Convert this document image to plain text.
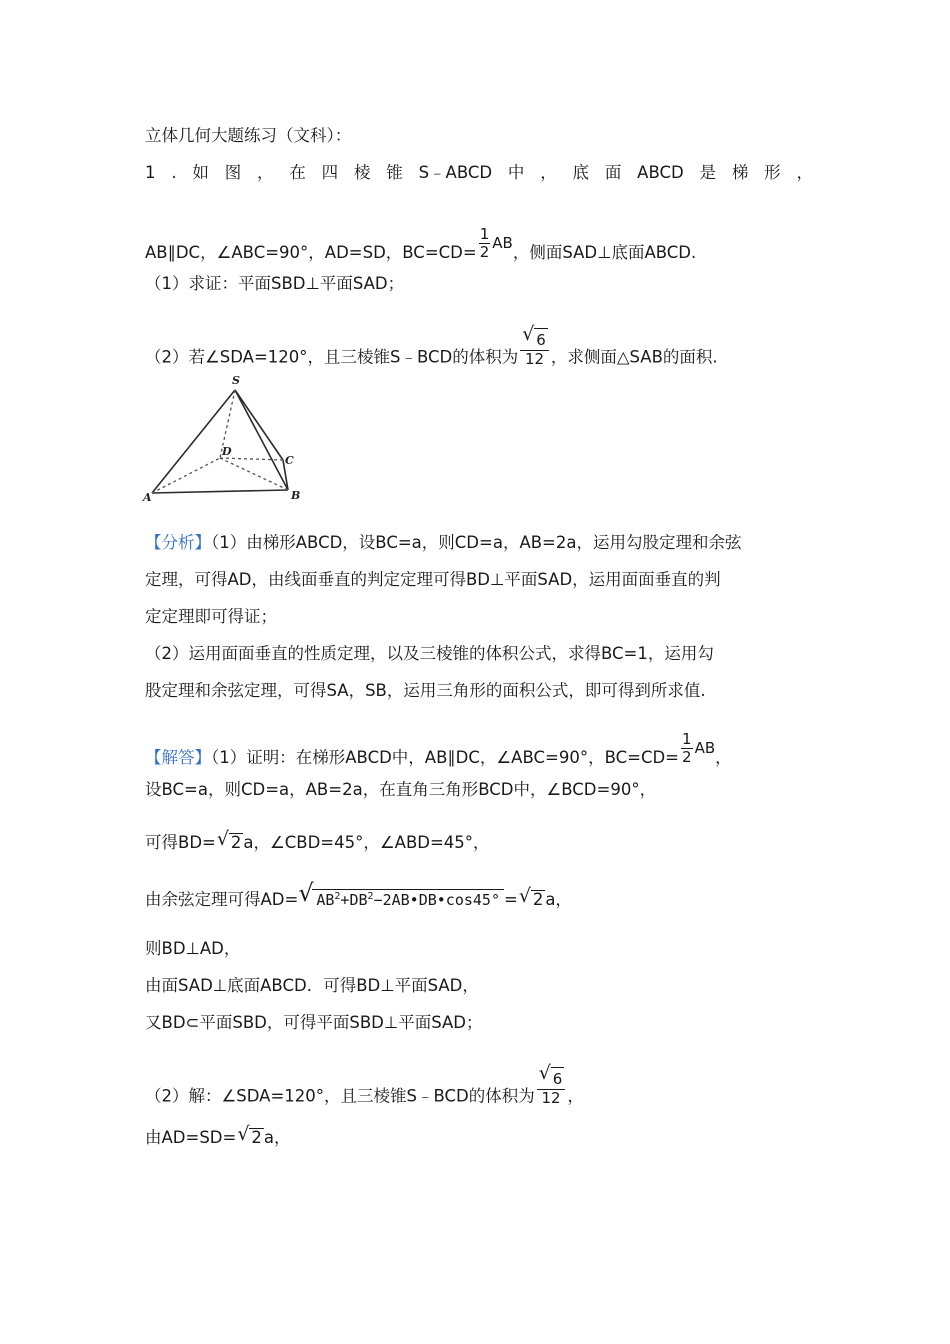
立体几何大题练习（文科）：
1 . 如 图 ， 在 四 棱 锥 S﹣ABCD 中 ， 底 面 ABCD 是 梯 形 ，
AB∥DC，∠ABC=90°，AD=SD，$BC=CD= \frac{1}{2}$ AB，侧面SAD⊥底面ABCD.
（1）求证：平面SBD⊥平面SAD；
（2）若∠SDA=120°，且三棱锥S﹣BCD的体积为 $\frac{√ 6}{12}$ ，求侧面△SAB的面积.
S
A	B
C
D
【分析】（1）由梯形ABCD，设BC=a，则CD=a，AB=2a，运用勾股定理和余弦
定理，可得AD，由线面垂直的判定定理可得BD⊥平面SAD，运用面面垂直的判
定定理即可得证；
（2）运用面面垂直的性质定理，以及三棱锥的体积公式，求得BC=1，运用勾
股定理和余弦定理，可得SA，SB，运用三角形的面积公式，即可得到所求值.
【解答】（1）证明：在梯形ABCD中，AB∥DC，∠ABC=90°，$BC=CD= \frac{1}{2}$ AB，
设BC=a，则CD=a，AB=2a，在直角三角形BCD中，∠BCD=90°，
可得BD= √ 2 a，∠CBD=45°，∠ABD=45°，
由余弦定理可得AD= √ $AB^2+DB^2-2AB•DB•\cos 45^\circ$ = √ 2 a，
则BD⊥AD，
由面SAD⊥底面ABCD．可得BD⊥平面SAD，
又BD⊂平面SBD，可得平面SBD⊥平面SAD；
（2）解：∠SDA=120°，且三棱锥S﹣BCD的体积为 $\frac{√ 6}{12}$ ，
由AD=SD= √ 2 a，
